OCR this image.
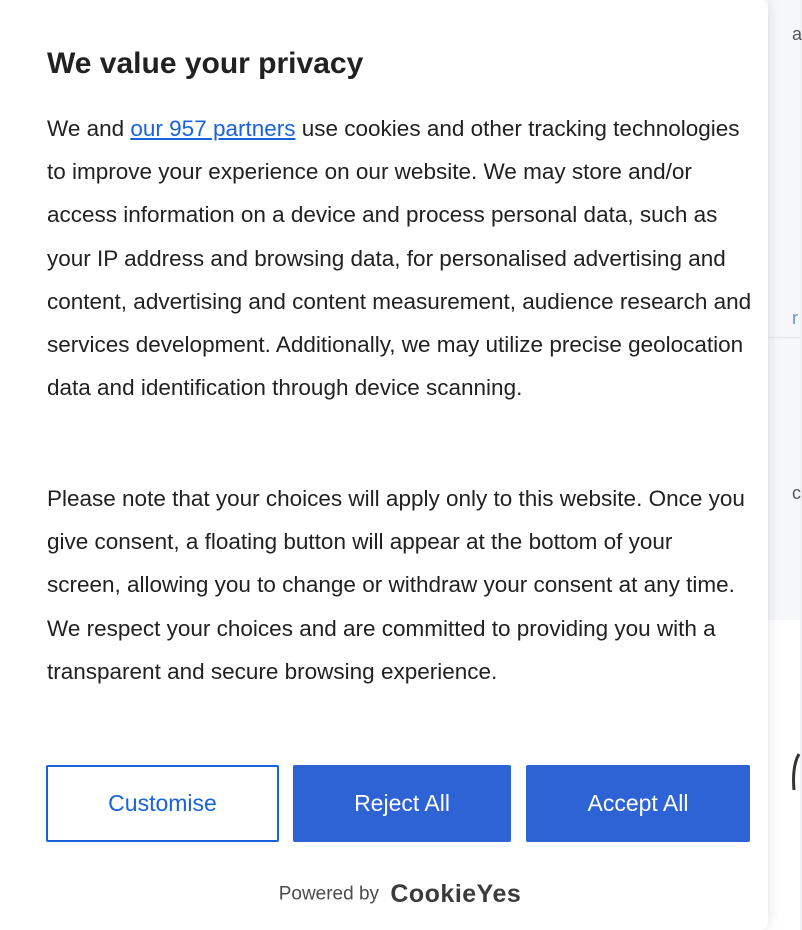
a
r
c
We value your privacy

We and our 957 partners use cookies and other tracking technologies to improve your experience on our website. We may store and/or access information on a device and process personal data, such as your IP address and browsing data, for personalised advertising and content, advertising and content measurement, audience research and services development. Additionally, we may utilize precise geolocation data and identification through device scanning.

Please note that your choices will apply only to this website. Once you give consent, a floating button will appear at the bottom of your screen, allowing you to change or withdraw your consent at any time. We respect your choices and are committed to providing you with a transparent and secure browsing experience.

Customise	Reject All	Accept All
Powered by CookieYes
